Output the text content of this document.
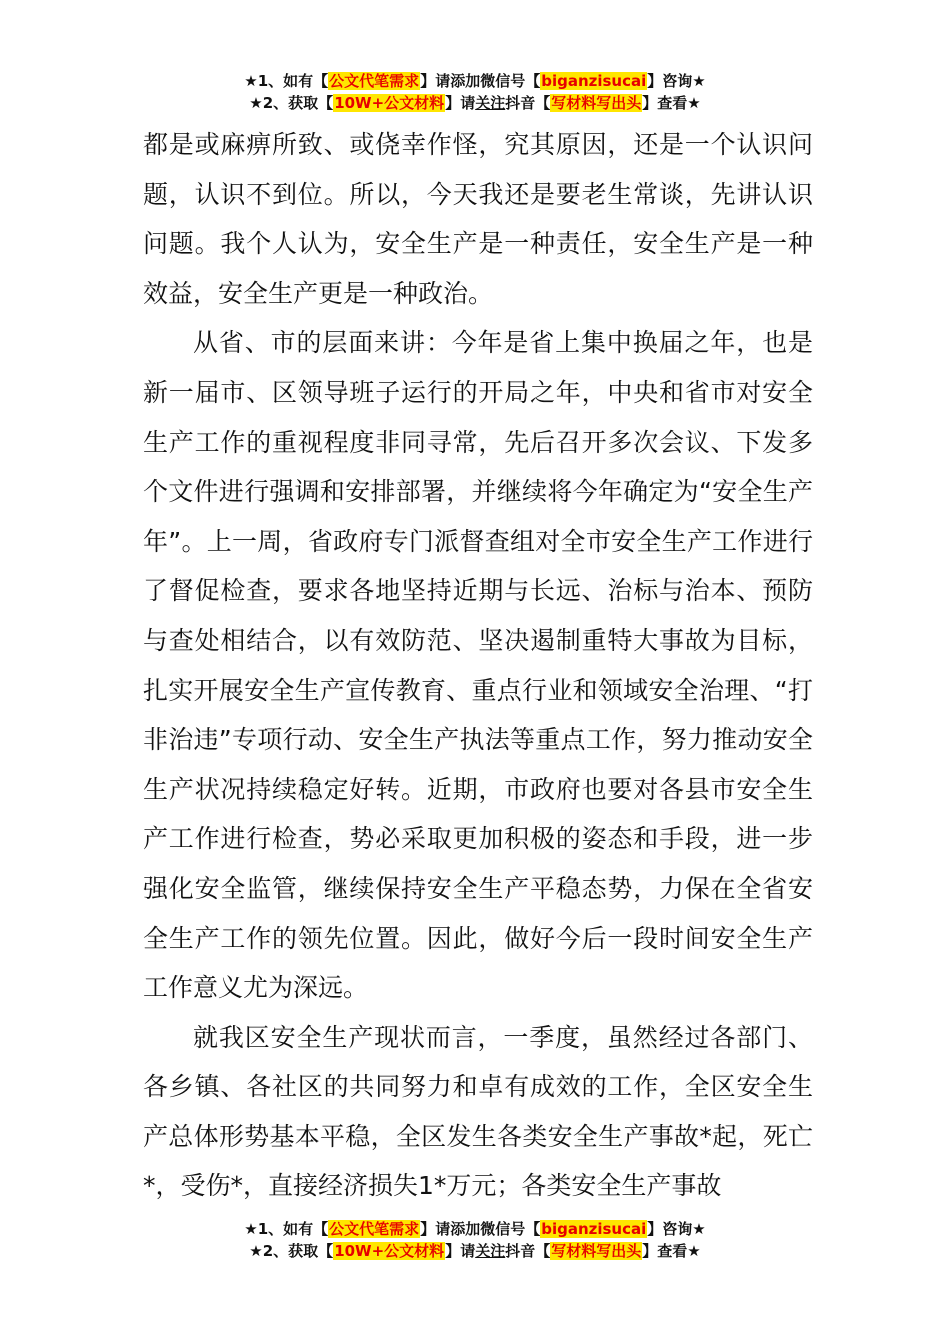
★1、如有【公文代笔需求】请添加微信号【biganzisucai】咨询★
★2、获取【10W+公文材料】请关注抖音【写材料写出头】查看★

都是或麻痹所致、或侥幸作怪，究其原因，还是一个认识问题，认识不到位。所以，今天我还是要老生常谈，先讲认识问题。我个人认为，安全生产是一种责任，安全生产是一种效益，安全生产更是一种政治。

从省、市的层面来讲：今年是省上集中换届之年，也是新一届市、区领导班子运行的开局之年，中央和省市对安全生产工作的重视程度非同寻常，先后召开多次会议、下发多个文件进行强调和安排部署，并继续将今年确定为“安全生产年”。上一周，省政府专门派督查组对全市安全生产工作进行了督促检查，要求各地坚持近期与长远、治标与治本、预防与查处相结合，以有效防范、坚决遏制重特大事故为目标，扎实开展安全生产宣传教育、重点行业和领域安全治理、“打非治违”专项行动、安全生产执法等重点工作，努力推动安全生产状况持续稳定好转。近期，市政府也要对各县市安全生产工作进行检查，势必采取更加积极的姿态和手段，进一步强化安全监管，继续保持安全生产平稳态势，力保在全省安全生产工作的领先位置。因此，做好今后一段时间安全生产工作意义尤为深远。

就我区安全生产现状而言，一季度，虽然经过各部门、各乡镇、各社区的共同努力和卓有成效的工作，全区安全生产总体形势基本平稳，全区发生各类安全生产事故*起，死亡*，受伤*，直接经济损失1*万元；各类安全生产事故

★1、如有【公文代笔需求】请添加微信号【biganzisucai】咨询★
★2、获取【10W+公文材料】请关注抖音【写材料写出头】查看★
